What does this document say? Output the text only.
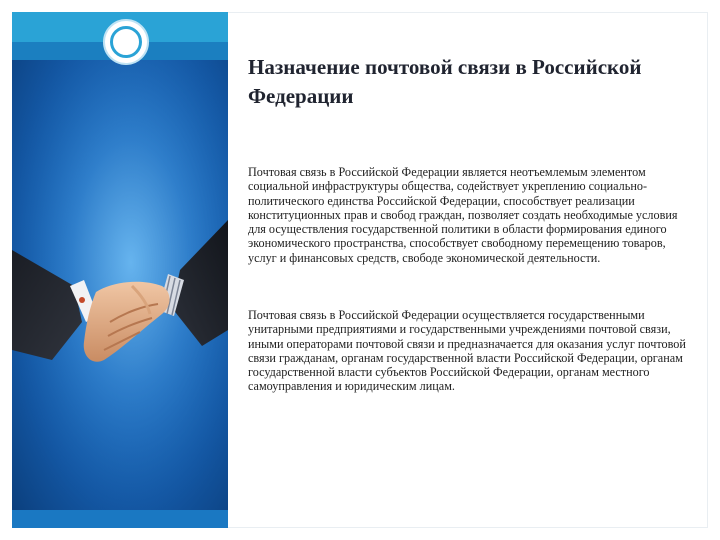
Назначение почтовой связи в Российской Федерации

Почтовая связь в Российской Федерации является неотъемлемым элементом социальной инфраструктуры общества, содействует укреплению социально-политического единства Российской Федерации, способствует реализации конституционных прав и свобод граждан, позволяет создать необходимые условия для осуществления государственной политики в области формирования единого экономического пространства, способствует свободному перемещению товаров, услуг и финансовых средств, свободе экономической деятельности.

Почтовая связь в Российской Федерации осуществляется государственными унитарными предприятиями и государственными учреждениями почтовой связи, иными операторами почтовой связи и предназначается для оказания услуг почтовой связи гражданам, органам государственной власти Российской Федерации, органам государственной власти субъектов Российской Федерации, органам местного самоуправления и юридическим лицам.
